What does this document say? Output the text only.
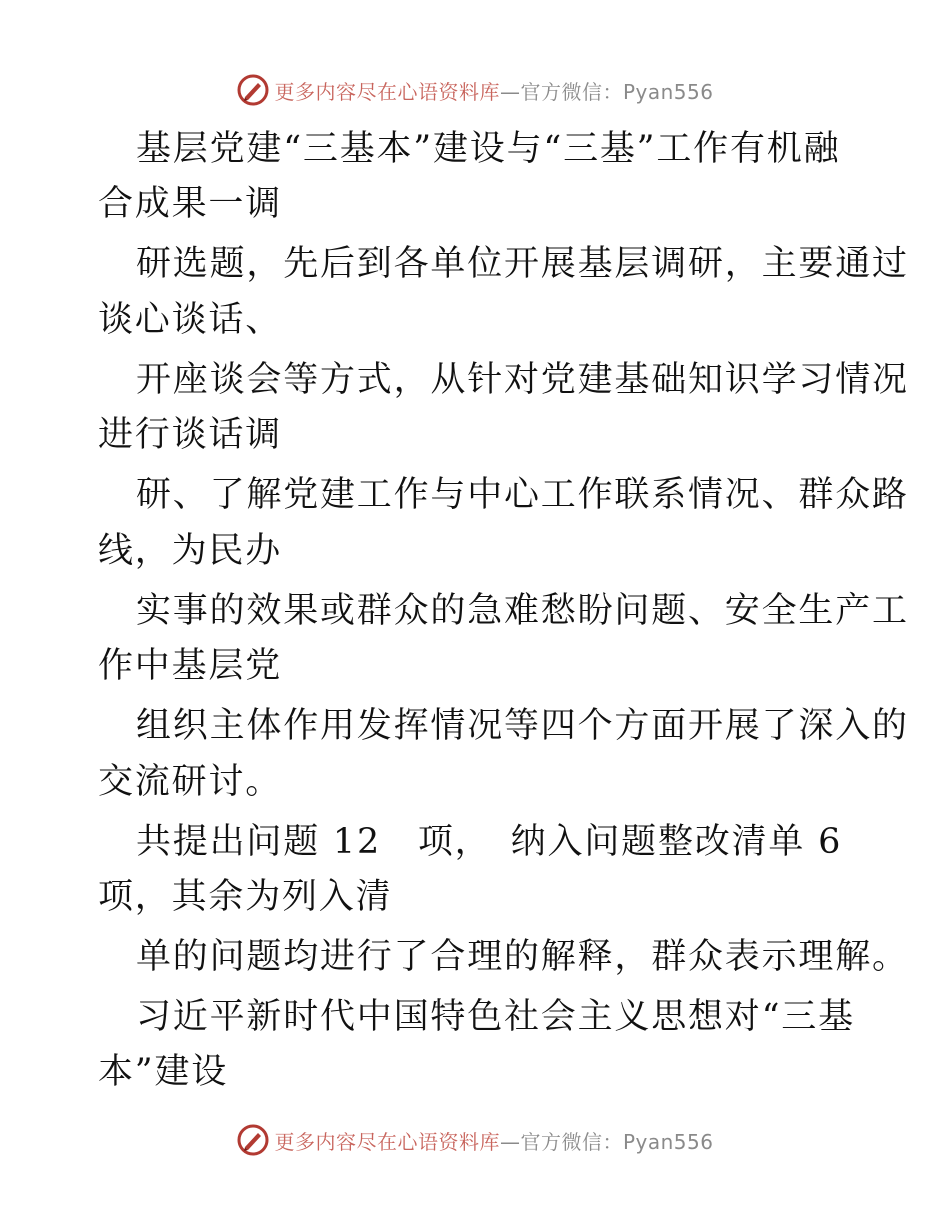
更多内容尽在心语资料库—官方微信：Pyan556
基层党建“三基本”建设与“三基”工作有机融
合成果一调
研选题，先后到各单位开展基层调研，主要通过
谈心谈话、
开座谈会等方式，从针对党建基础知识学习情况
进行谈话调
研、了解党建工作与中心工作联系情况、群众路
线，为民办
实事的效果或群众的急难愁盼问题、安全生产工
作中基层党
组织主体作用发挥情况等四个方面开展了深入的
交流研讨。
共提出问题 12　项，　纳入问题整改清单 6
项，其余为列入清
单的问题均进行了合理的解释，群众表示理解。
习近平新时代中国特色社会主义思想对“三基
本”建设
更多内容尽在心语资料库—官方微信：Pyan556
